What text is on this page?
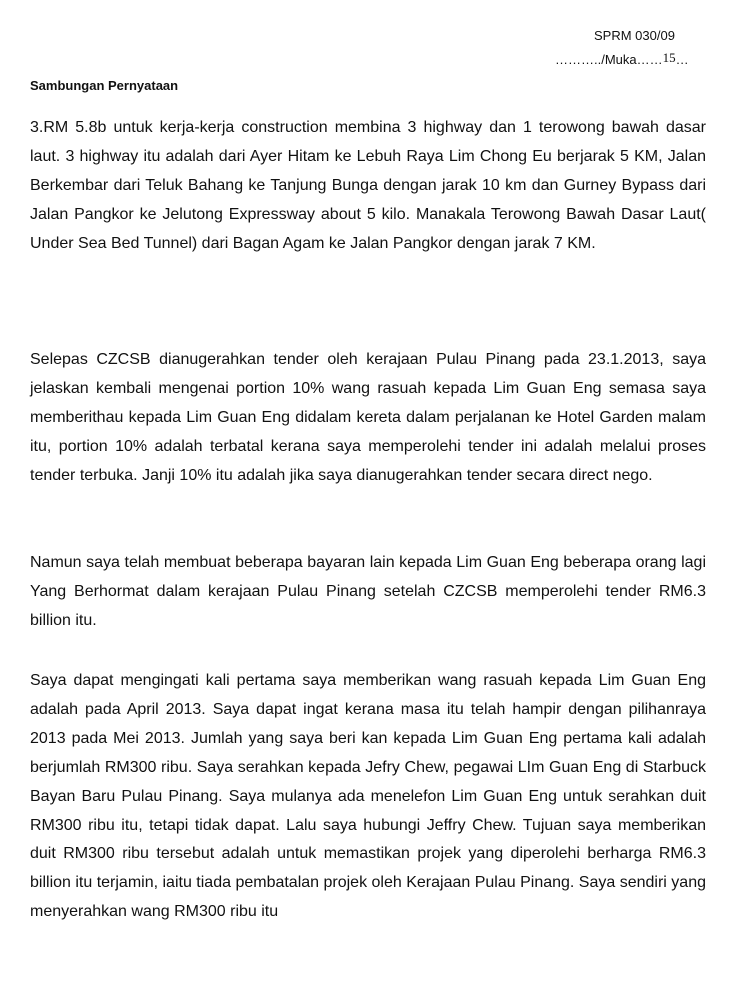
SPRM 030/09
………../Muka……15…
Sambungan Pernyataan

3.RM 5.8b untuk kerja-kerja construction membina 3 highway dan 1 terowong bawah dasar laut. 3 highway itu adalah dari Ayer Hitam ke Lebuh Raya Lim Chong Eu berjarak 5 KM, Jalan Berkembar dari Teluk Bahang ke Tanjung Bunga dengan jarak 10 km dan Gurney Bypass dari Jalan Pangkor ke Jelutong Expressway about 5 kilo. Manakala Terowong Bawah Dasar Laut( Under Sea Bed Tunnel) dari Bagan Agam ke Jalan Pangkor dengan jarak 7 KM.

Selepas CZCSB dianugerahkan tender oleh kerajaan Pulau Pinang pada 23.1.2013, saya jelaskan kembali mengenai portion 10% wang rasuah kepada Lim Guan Eng semasa saya memberithau kepada Lim Guan Eng didalam kereta dalam perjalanan ke Hotel Garden malam itu, portion 10% adalah terbatal kerana saya memperolehi tender ini adalah melalui proses tender terbuka. Janji 10% itu adalah jika saya dianugerahkan tender secara direct nego.

Namun saya telah membuat beberapa bayaran lain kepada Lim Guan Eng beberapa orang lagi Yang Berhormat dalam kerajaan Pulau Pinang setelah CZCSB memperolehi tender RM6.3 billion itu.

Saya dapat mengingati kali pertama saya memberikan wang rasuah kepada Lim Guan Eng adalah pada April 2013. Saya dapat ingat kerana masa itu telah hampir dengan pilihanraya 2013 pada Mei 2013. Jumlah yang saya beri kan kepada Lim Guan Eng pertama kali adalah berjumlah RM300 ribu. Saya serahkan kepada Jefry Chew, pegawai LIm Guan Eng di Starbuck Bayan Baru Pulau Pinang. Saya mulanya ada menelefon Lim Guan Eng untuk serahkan duit RM300 ribu itu, tetapi tidak dapat. Lalu saya hubungi Jeffry Chew. Tujuan saya memberikan duit RM300 ribu tersebut adalah untuk memastikan projek yang diperolehi berharga RM6.3 billion itu terjamin, iaitu tiada pembatalan projek oleh Kerajaan Pulau Pinang. Saya sendiri yang menyerahkan wang RM300 ribu itu
